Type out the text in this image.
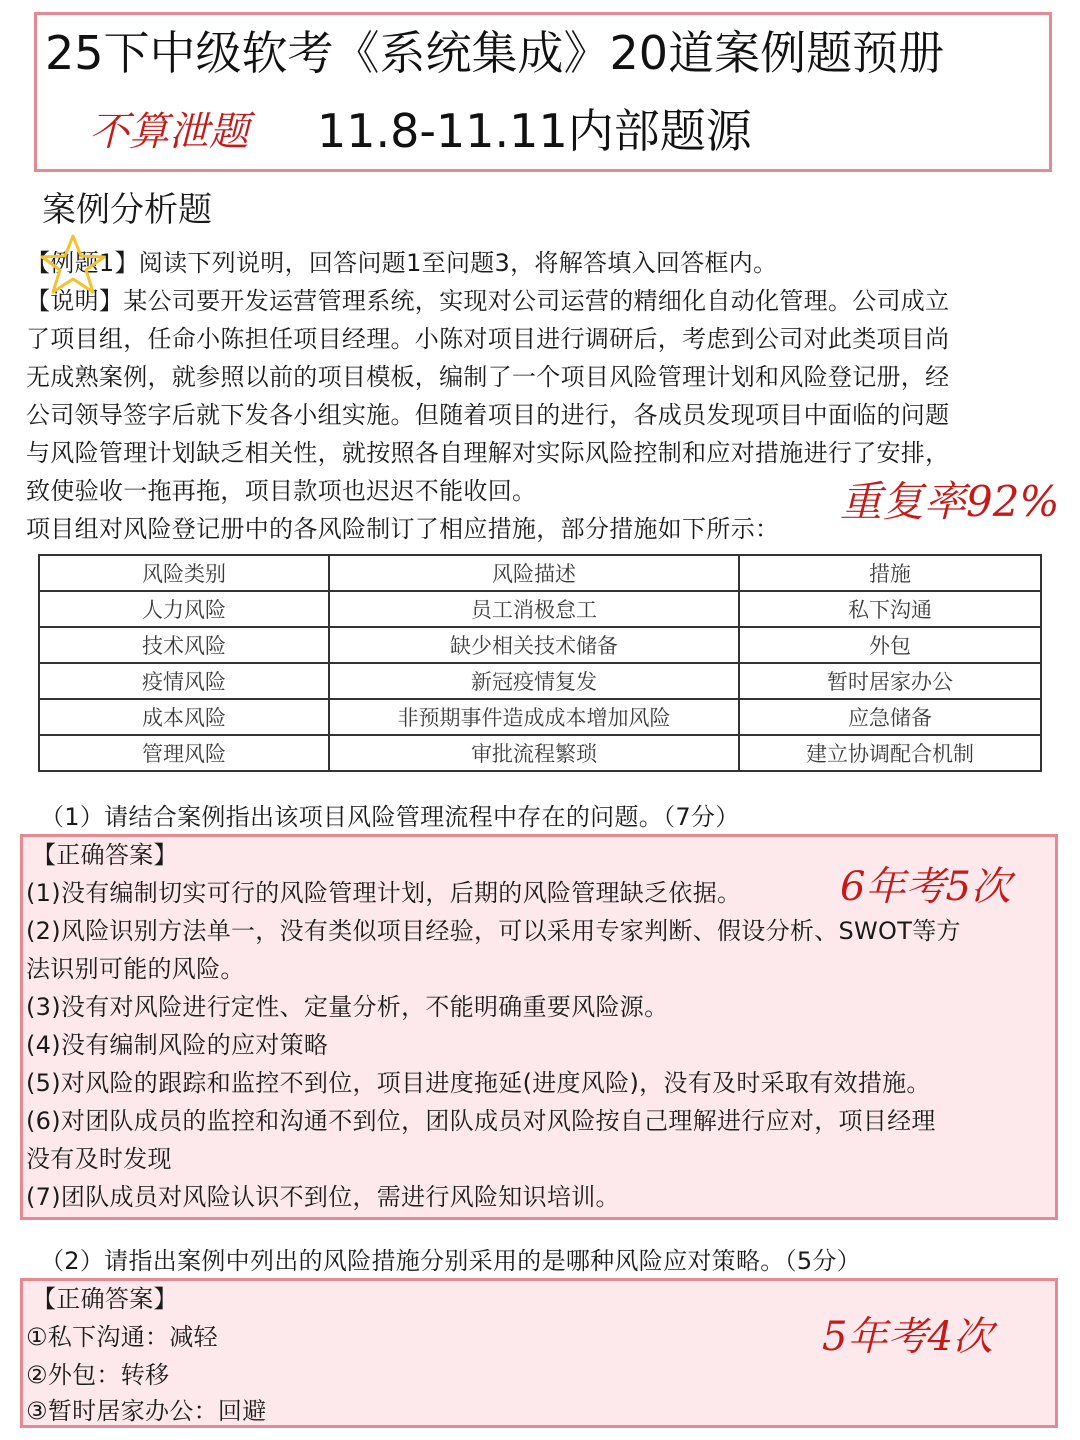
25下中级软考《系统集成》20道案例题预册
不算泄题 11.8-11.11内部题源
案例分析题
【例题1】阅读下列说明，回答问题1至问题3，将解答填入回答框内。
【说明】某公司要开发运营管理系统，实现对公司运营的精细化自动化管理。公司成立
了项目组，任命小陈担任项目经理。小陈对项目进行调研后，考虑到公司对此类项目尚
无成熟案例，就参照以前的项目模板，编制了一个项目风险管理计划和风险登记册，经
公司领导签字后就下发各小组实施。但随着项目的进行，各成员发现项目中面临的问题
与风险管理计划缺乏相关性，就按照各自理解对实际风险控制和应对措施进行了安排，
致使验收一拖再拖，项目款项也迟迟不能收回。
项目组对风险登记册中的各风险制订了相应措施，部分措施如下所示：
重复率92%
风险类别	风险描述	措施
人力风险	员工消极怠工	私下沟通
技术风险	缺少相关技术储备	外包
疫情风险	新冠疫情复发	暂时居家办公
成本风险	非预期事件造成成本增加风险	应急储备
管理风险	审批流程繁琐	建立协调配合机制
（1）请结合案例指出该项目风险管理流程中存在的问题。（7分）
【正确答案】
(1)没有编制切实可行的风险管理计划，后期的风险管理缺乏依据。
(2)风险识别方法单一，没有类似项目经验，可以采用专家判断、假设分析、SWOT等方
法识别可能的风险。
(3)没有对风险进行定性、定量分析，不能明确重要风险源。
(4)没有编制风险的应对策略
(5)对风险的跟踪和监控不到位，项目进度拖延(进度风险)，没有及时采取有效措施。
(6)对团队成员的监控和沟通不到位，团队成员对风险按自己理解进行应对，项目经理
没有及时发现
(7)团队成员对风险认识不到位，需进行风险知识培训。
6年考5次
（2）请指出案例中列出的风险措施分别采用的是哪种风险应对策略。（5分）
【正确答案】
①私下沟通：减轻
②外包：转移
③暂时居家办公：回避
5年考4次
